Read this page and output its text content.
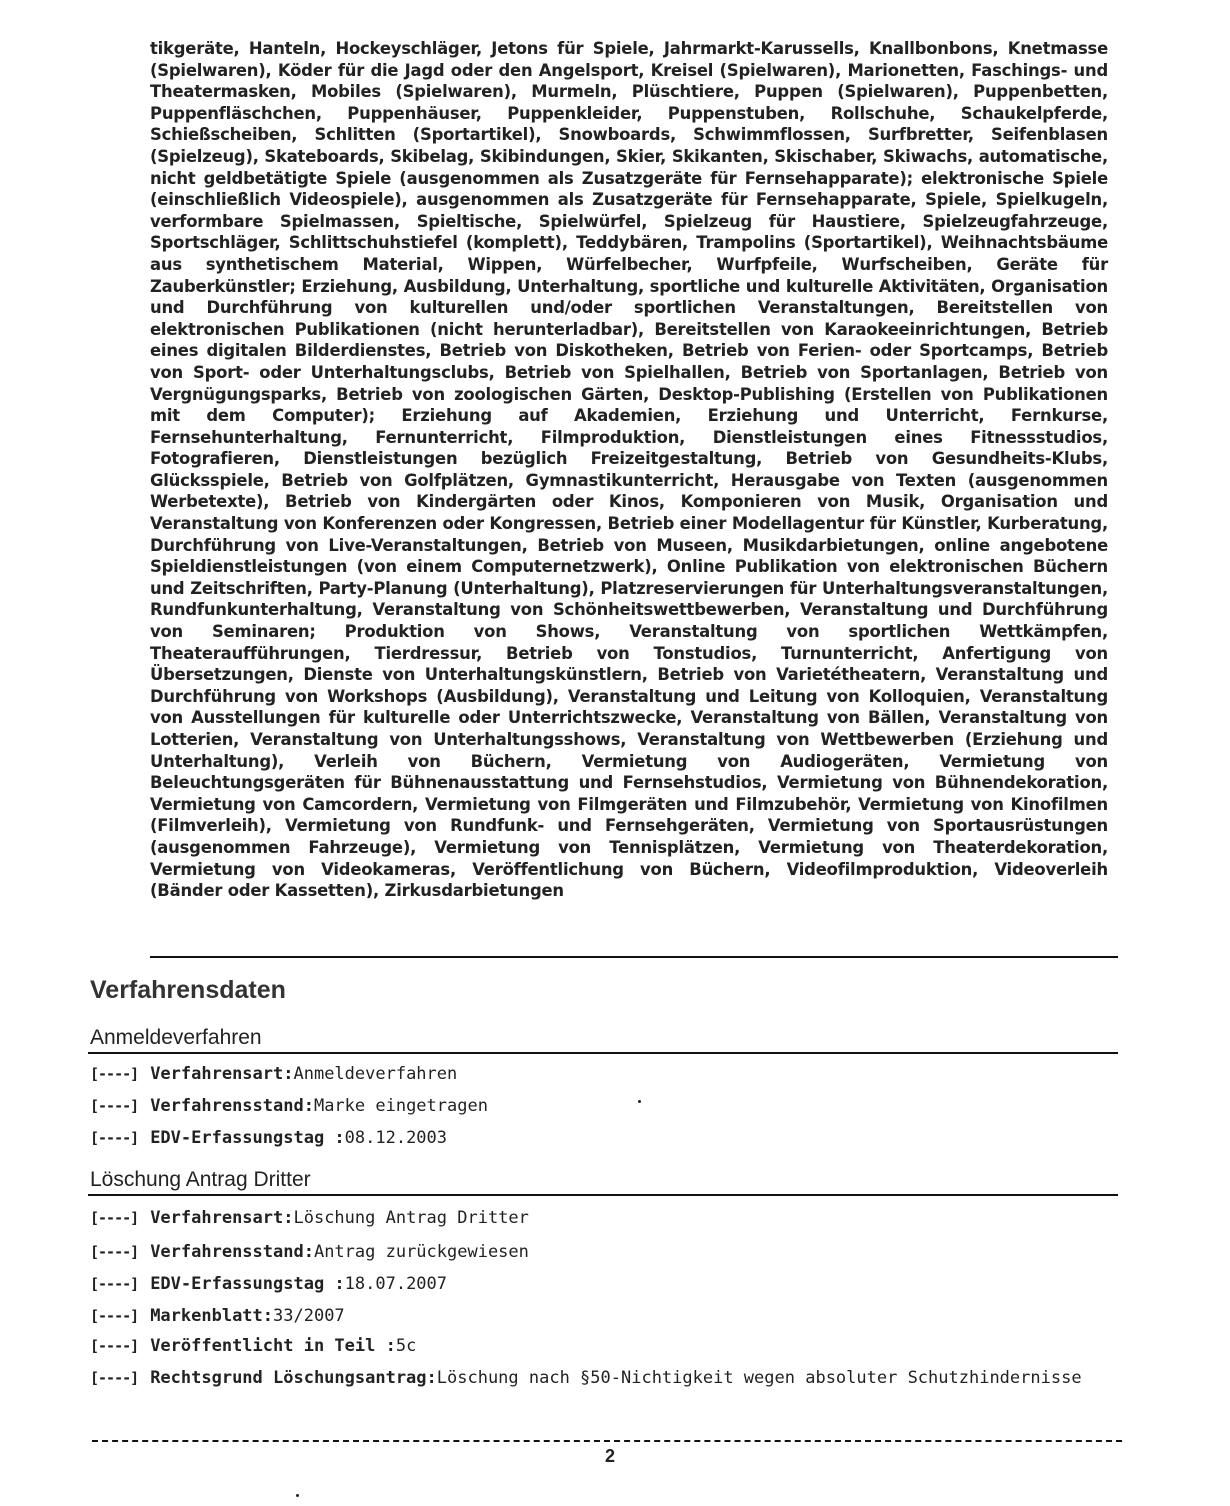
tikgeräte, Hanteln, Hockeyschläger, Jetons für Spiele, Jahrmarkt-Karussells, Knallbonbons, Knetmasse (Spielwaren), Köder für die Jagd oder den Angelsport, Kreisel (Spielwaren), Marionetten, Faschings- und Theatermasken, Mobiles (Spielwaren), Murmeln, Plüschtiere, Puppen (Spielwaren), Puppenbetten, Puppenfläschchen, Puppenhäuser, Puppenkleider, Puppenstuben, Rollschuhe, Schaukelpferde, Schießscheiben, Schlitten (Sportartikel), Snowboards, Schwimmflossen, Surfbretter, Seifenblasen (Spielzeug), Skateboards, Skibelag, Skibindungen, Skier, Skikanten, Skischaber, Skiwachs, automatische, nicht geldbetätigte Spiele (ausgenommen als Zusatzgeräte für Fernsehapparate); elektronische Spiele (einschließlich Videospiele), ausgenommen als Zusatzgeräte für Fernsehapparate, Spiele, Spielkugeln, verformbare Spielmassen, Spieltische, Spielwürfel, Spielzeug für Haustiere, Spielzeugfahrzeuge, Sportschläger, Schlittschuhstiefel (komplett), Teddybären, Trampolins (Sportartikel), Weihnachtsbäume aus synthetischem Material, Wippen, Würfelbecher, Wurfpfeile, Wurfscheiben, Geräte für Zauberkünstler; Erziehung, Ausbildung, Unterhaltung, sportliche und kulturelle Aktivitäten, Organisation und Durchführung von kulturellen und/oder sportlichen Veranstaltungen, Bereitstellen von elektronischen Publikationen (nicht herunterladbar), Bereitstellen von Karaokeeinrichtungen, Betrieb eines digitalen Bilderdienstes, Betrieb von Diskotheken, Betrieb von Ferien- oder Sportcamps, Betrieb von Sport- oder Unterhaltungsclubs, Betrieb von Spielhallen, Betrieb von Sportanlagen, Betrieb von Vergnügungsparks, Betrieb von zoologischen Gärten, Desktop-Publishing (Erstellen von Publikationen mit dem Computer); Erziehung auf Akademien, Erziehung und Unterricht, Fernkurse, Fernsehunterhaltung, Fernunterricht, Filmproduktion, Dienstleistungen eines Fitnessstudios, Fotografieren, Dienstleistungen bezüglich Freizeitgestaltung, Betrieb von Gesundheits-Klubs, Glücksspiele, Betrieb von Golfplätzen, Gymnastikunterricht, Herausgabe von Texten (ausgenommen Werbetexte), Betrieb von Kindergärten oder Kinos, Komponieren von Musik, Organisation und Veranstaltung von Konferenzen oder Kongressen, Betrieb einer Modellagentur für Künstler, Kurberatung, Durchführung von Live-Veranstaltungen, Betrieb von Museen, Musikdarbietungen, online angebotene Spieldienstleistungen (von einem Computernetzwerk), Online Publikation von elektronischen Büchern und Zeitschriften, Party-Planung (Unterhaltung), Platzreservierungen für Unterhaltungsveranstaltungen, Rundfunkunterhaltung, Veranstaltung von Schönheitswettbewerben, Veranstaltung und Durchführung von Seminaren; Produktion von Shows, Veranstaltung von sportlichen Wettkämpfen, Theateraufführungen, Tierdressur, Betrieb von Tonstudios, Turnunterricht, Anfertigung von Übersetzungen, Dienste von Unterhaltungskünstlern, Betrieb von Varietétheatern, Veranstaltung und Durchführung von Workshops (Ausbildung), Veranstaltung und Leitung von Kolloquien, Veranstaltung von Ausstellungen für kulturelle oder Unterrichtszwecke, Veranstaltung von Bällen, Veranstaltung von Lotterien, Veranstaltung von Unterhaltungsshows, Veranstaltung von Wettbewerben (Erziehung und Unterhaltung), Verleih von Büchern, Vermietung von Audiogeräten, Vermietung von Beleuchtungsgeräten für Bühnenausstattung und Fernsehstudios, Vermietung von Bühnendekoration, Vermietung von Camcordern, Vermietung von Filmgeräten und Filmzubehör, Vermietung von Kinofilmen (Filmverleih), Vermietung von Rundfunk- und Fernsehgeräten, Vermietung von Sportausrüstungen (ausgenommen Fahrzeuge), Vermietung von Tennisplätzen, Vermietung von Theaterdekoration, Vermietung von Videokameras, Veröffentlichung von Büchern, Videofilmproduktion, Videoverleih (Bänder oder Kassetten), Zirkusdarbietungen
Verfahrensdaten
Anmeldeverfahren
[----] Verfahrensart: Anmeldeverfahren
[----] Verfahrensstand: Marke eingetragen
[----] EDV-Erfassungstag : 08.12.2003
Löschung Antrag Dritter
[----] Verfahrensart: Löschung Antrag Dritter
[----] Verfahrensstand: Antrag zurückgewiesen
[----] EDV-Erfassungstag : 18.07.2007
[----] Markenblatt: 33/2007
[----] Veröffentlicht in Teil : 5c
[----] Rechtsgrund Löschungsantrag: Löschung nach §50-Nichtigkeit wegen absoluter Schutzhindernisse
2
